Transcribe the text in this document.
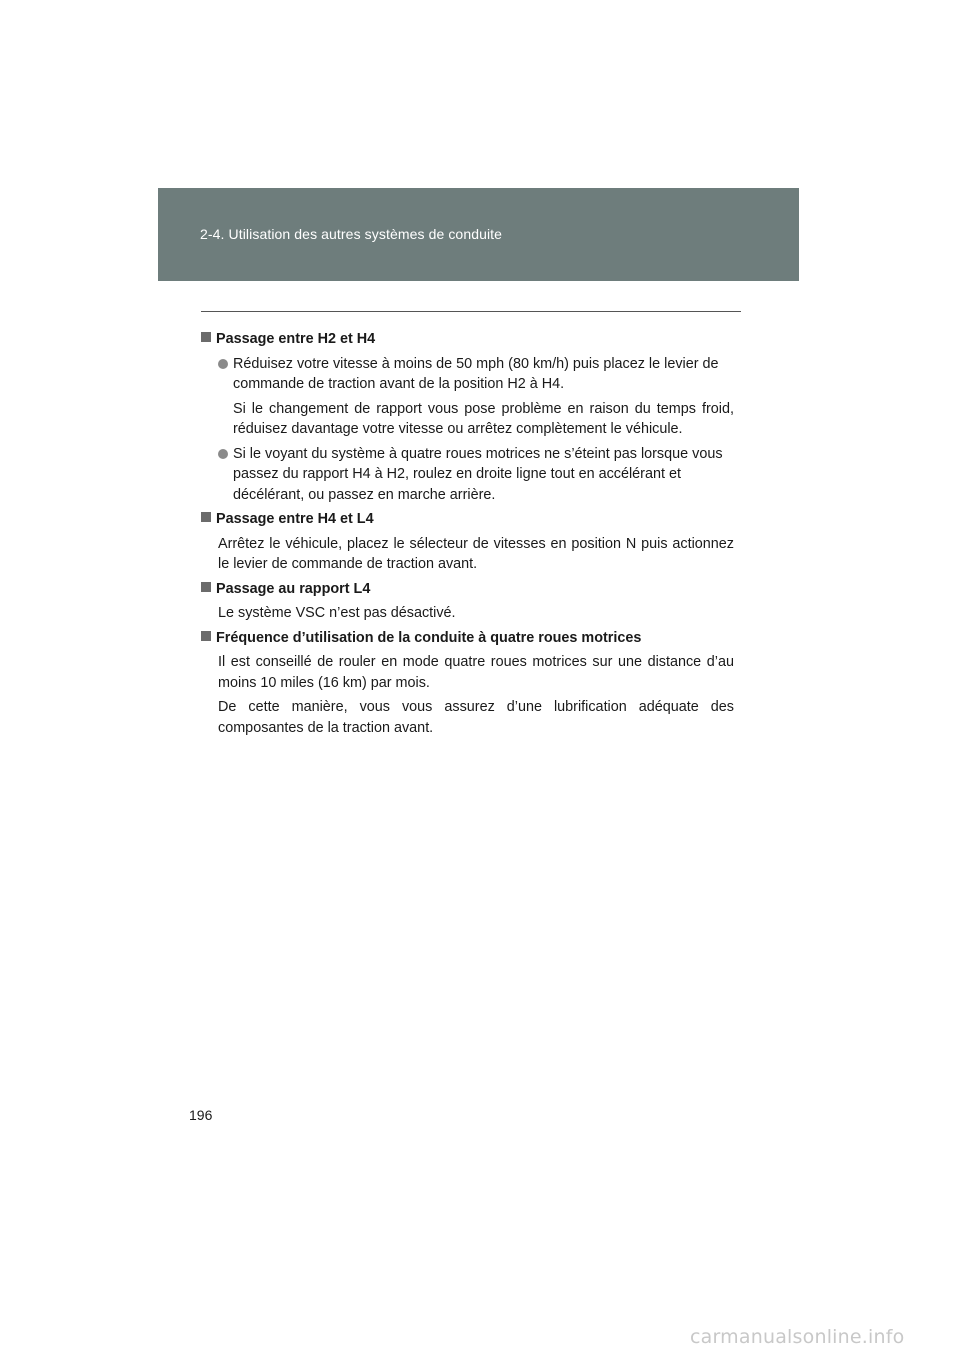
2-4. Utilisation des autres systèmes de conduite
Passage entre H2 et H4
Réduisez votre vitesse à moins de 50 mph (80 km/h) puis placez le levier de commande de traction avant de la position H2 à H4.
Si le changement de rapport vous pose problème en raison du temps froid, réduisez davantage votre vitesse ou arrêtez complètement le véhicule.
Si le voyant du système à quatre roues motrices ne s’éteint pas lorsque vous passez du rapport H4 à H2, roulez en droite ligne tout en accélérant et décélérant, ou passez en marche arrière.
Passage entre H4 et L4
Arrêtez le véhicule, placez le sélecteur de vitesses en position N puis actionnez le levier de commande de traction avant.
Passage au rapport L4
Le système VSC n’est pas désactivé.
Fréquence d’utilisation de la conduite à quatre roues motrices
Il est conseillé de rouler en mode quatre roues motrices sur une distance d’au moins 10 miles (16 km) par mois.
De cette manière, vous vous assurez d’une lubrification adéquate des composantes de la traction avant.
196
carmanualsonline.info
